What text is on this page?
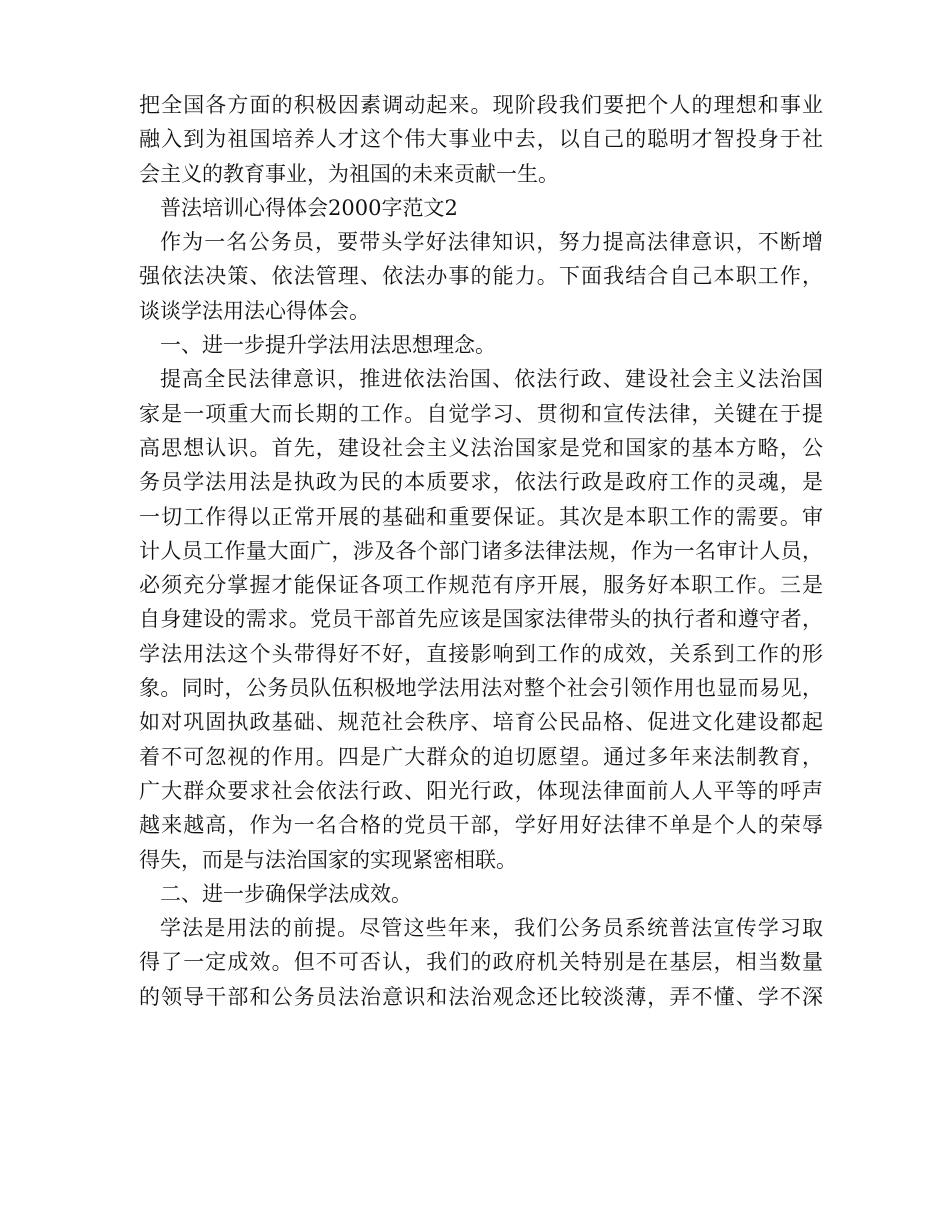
把全国各方面的积极因素调动起来。现阶段我们要把个人的理想和事业
融入到为祖国培养人才这个伟大事业中去，以自己的聪明才智投身于社
会主义的教育事业，为祖国的未来贡献一生。
普法培训心得体会2000字范文2
作为一名公务员，要带头学好法律知识，努力提高法律意识，不断增
强依法决策、依法管理、依法办事的能力。下面我结合自己本职工作，
谈谈学法用法心得体会。
一、进一步提升学法用法思想理念。
提高全民法律意识，推进依法治国、依法行政、建设社会主义法治国
家是一项重大而长期的工作。自觉学习、贯彻和宣传法律，关键在于提
高思想认识。首先，建设社会主义法治国家是党和国家的基本方略，公
务员学法用法是执政为民的本质要求，依法行政是政府工作的灵魂，是
一切工作得以正常开展的基础和重要保证。其次是本职工作的需要。审
计人员工作量大面广，涉及各个部门诸多法律法规，作为一名审计人员，
必须充分掌握才能保证各项工作规范有序开展，服务好本职工作。三是
自身建设的需求。党员干部首先应该是国家法律带头的执行者和遵守者，
学法用法这个头带得好不好，直接影响到工作的成效，关系到工作的形
象。同时，公务员队伍积极地学法用法对整个社会引领作用也显而易见，
如对巩固执政基础、规范社会秩序、培育公民品格、促进文化建设都起
着不可忽视的作用。四是广大群众的迫切愿望。通过多年来法制教育，
广大群众要求社会依法行政、阳光行政，体现法律面前人人平等的呼声
越来越高，作为一名合格的党员干部，学好用好法律不单是个人的荣辱
得失，而是与法治国家的实现紧密相联。
二、进一步确保学法成效。
学法是用法的前提。尽管这些年来，我们公务员系统普法宣传学习取
得了一定成效。但不可否认，我们的政府机关特别是在基层，相当数量
的领导干部和公务员法治意识和法治观念还比较淡薄，弄不懂、学不深
